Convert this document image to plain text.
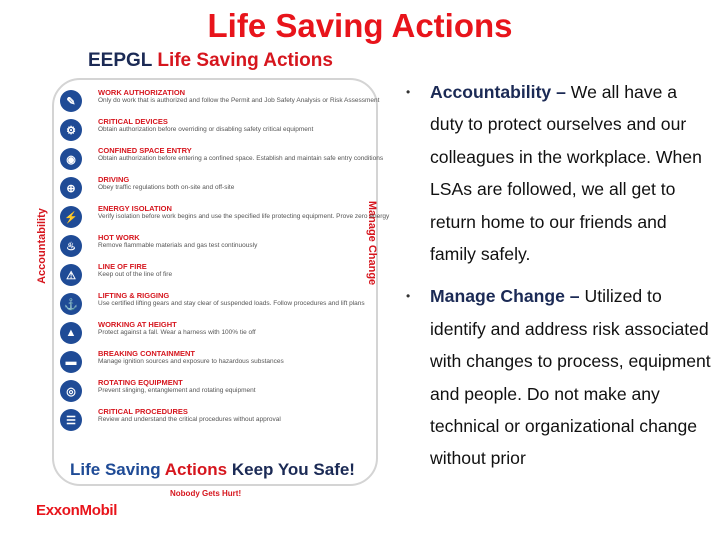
Life Saving Actions
EEPGL Life Saving Actions
Accountability	Manage Change
✎
WORK AUTHORIZATION
Only do work that is authorized and follow the Permit and Job Safety Analysis or Risk Assessment
⚙
CRITICAL DEVICES
Obtain authorization before overriding or disabling safety critical equipment
◉
CONFINED SPACE ENTRY
Obtain authorization before entering a confined space. Establish and maintain safe entry conditions
⊕
DRIVING
Obey traffic regulations both on-site and off-site
⚡
ENERGY ISOLATION
Verify isolation before work begins and use the specified life protecting equipment. Prove zero energy
♨
HOT WORK
Remove flammable materials and gas test continuously
⚠
LINE OF FIRE
Keep out of the line of fire
⚓
LIFTING & RIGGING
Use certified lifting gears and stay clear of suspended loads. Follow procedures and lift plans
▲
WORKING AT HEIGHT
Protect against a fall. Wear a harness with 100% tie off
▬
BREAKING CONTAINMENT
Manage ignition sources and exposure to hazardous substances
◎
ROTATING EQUIPMENT
Prevent slinging, entanglement and rotating equipment
☰
CRITICAL PROCEDURES
Review and understand the critical procedures without approval
Life Saving Actions Keep You Safe!
Nobody Gets Hurt!
ExxonMobil
• Accountability – We all have a duty to protect ourselves and our colleagues in the workplace. When LSAs are followed, we all get to return home to our friends and family safely.
• Manage Change – Utilized to identify and address risk associated with changes to process, equipment and people. Do not make any technical or organizational change without prior
